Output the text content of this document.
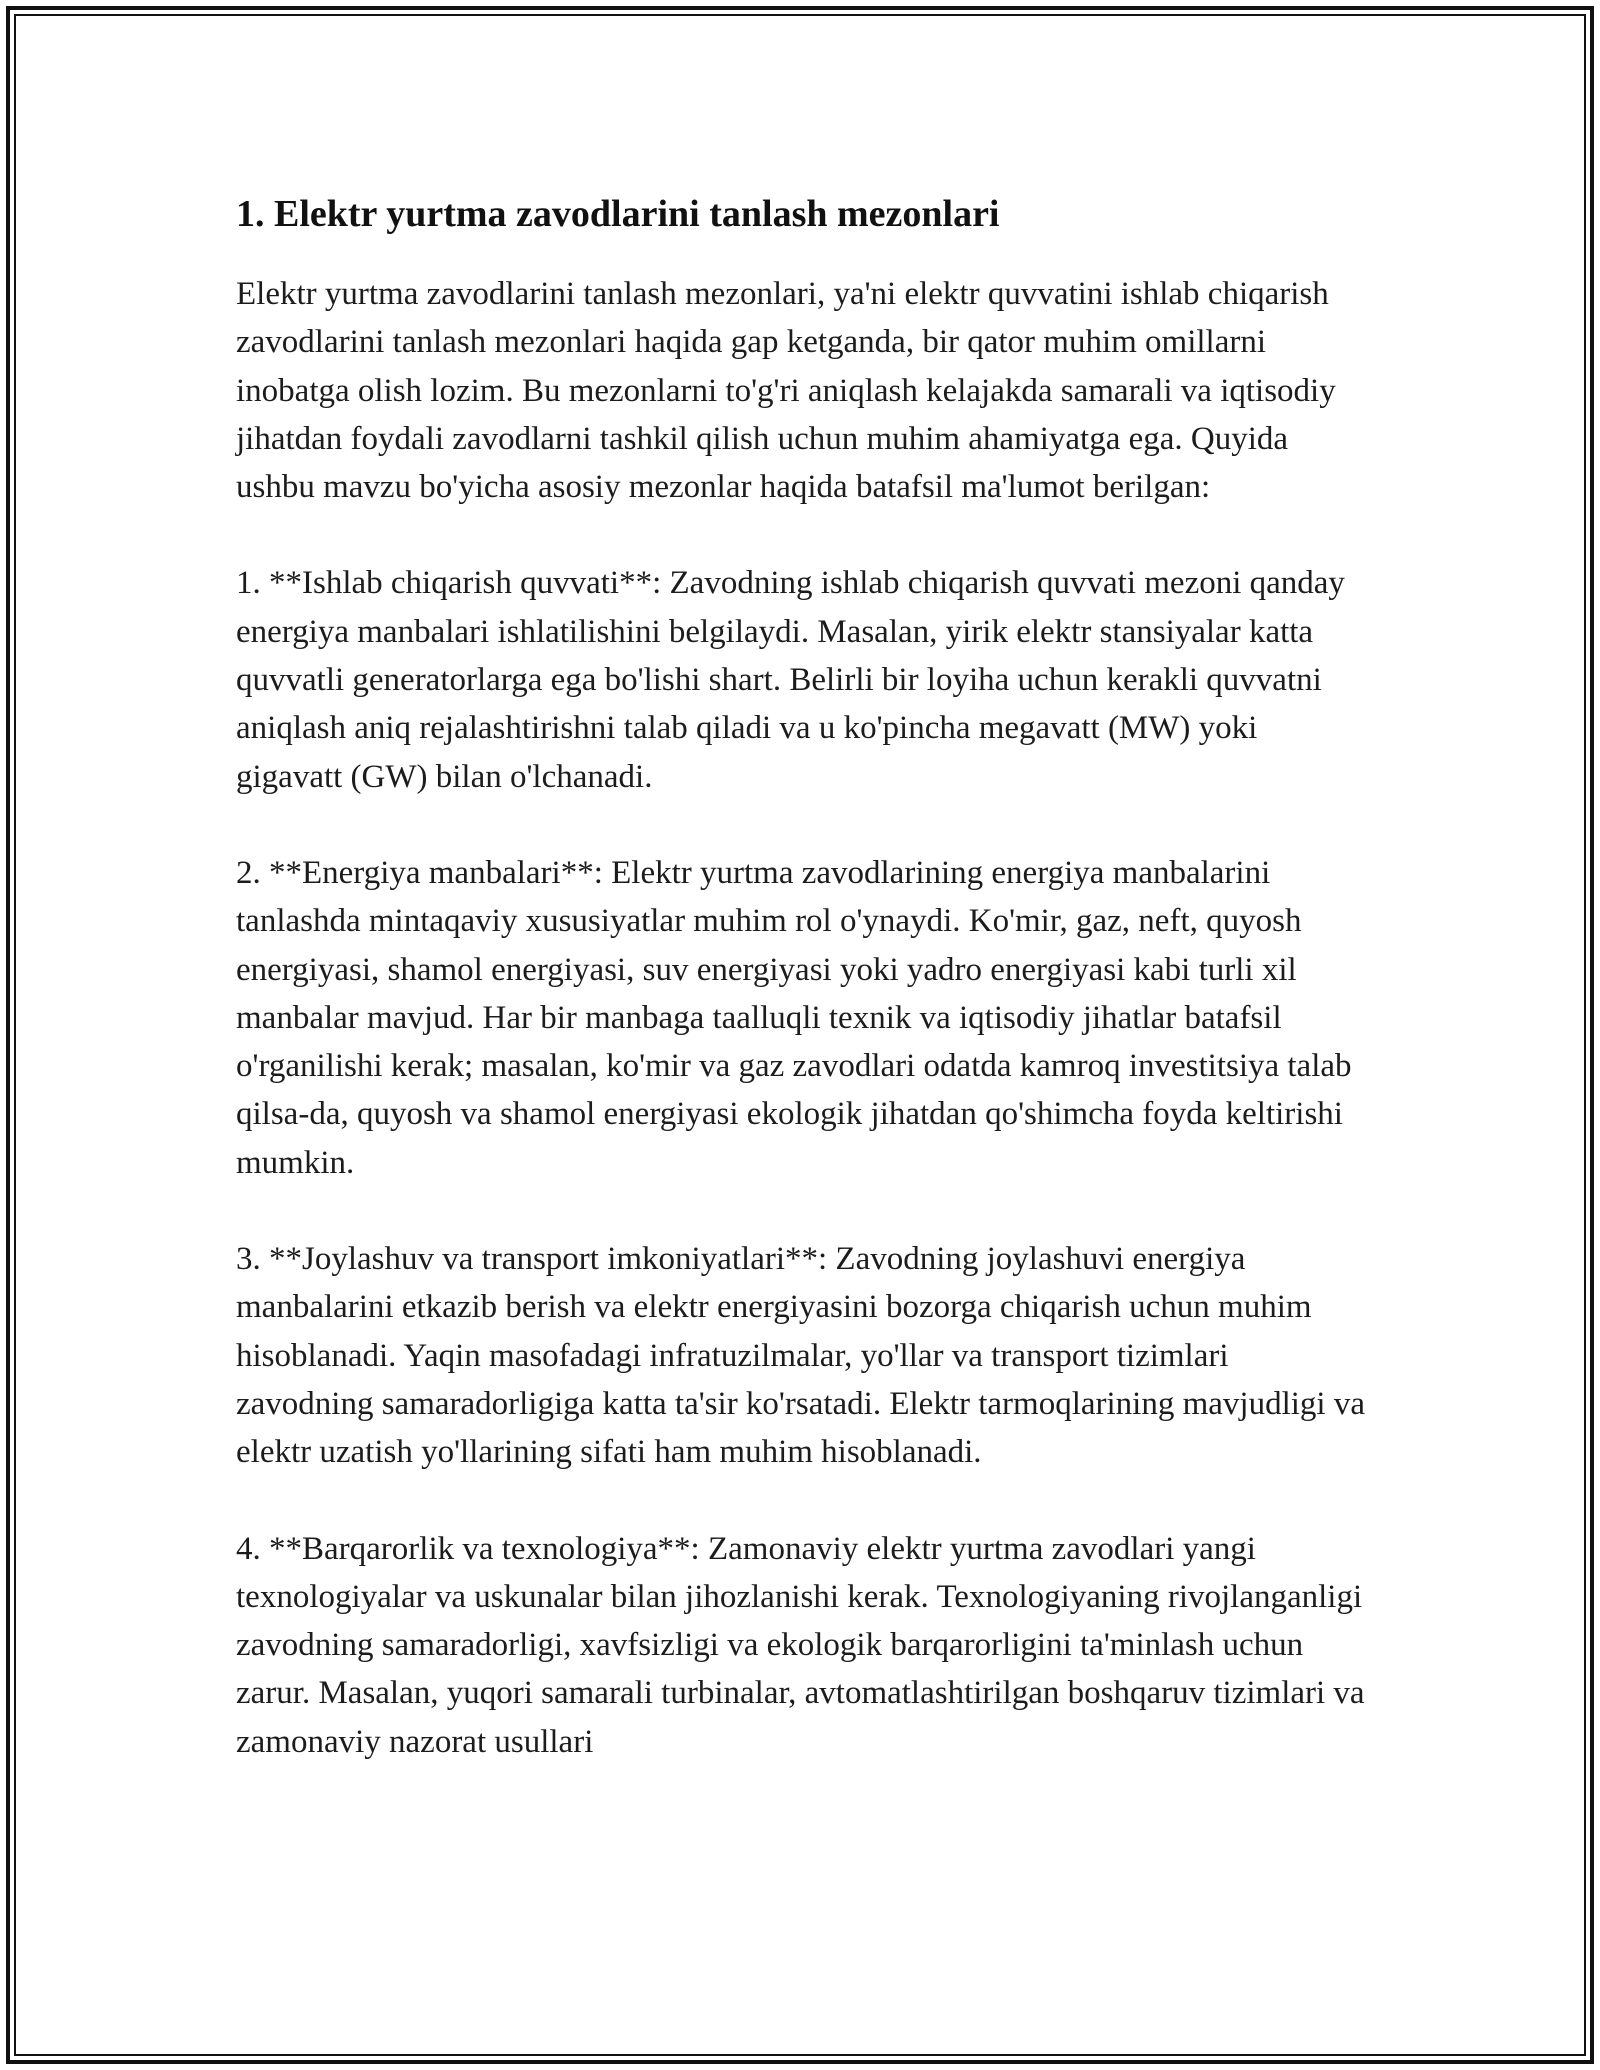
1. Elektr yurtma zavodlarini tanlash mezonlari

Elektr yurtma zavodlarini tanlash mezonlari, ya'ni elektr quvvatini ishlab chiqarish zavodlarini tanlash mezonlari haqida gap ketganda, bir qator muhim omillarni inobatga olish lozim. Bu mezonlarni to'g'ri aniqlash kelajakda samarali va iqtisodiy jihatdan foydali zavodlarni tashkil qilish uchun muhim ahamiyatga ega. Quyida ushbu mavzu bo'yicha asosiy mezonlar haqida batafsil ma'lumot berilgan:

1. **Ishlab chiqarish quvvati**: Zavodning ishlab chiqarish quvvati mezoni qanday energiya manbalari ishlatilishini belgilaydi. Masalan, yirik elektr stansiyalar katta quvvatli generatorlarga ega bo'lishi shart. Belirli bir loyiha uchun kerakli quvvatni aniqlash aniq rejalashtirishni talab qiladi va u ko'pincha megavatt (MW) yoki gigavatt (GW) bilan o'lchanadi.

2. **Energiya manbalari**: Elektr yurtma zavodlarining energiya manbalarini tanlashda mintaqaviy xususiyatlar muhim rol o'ynaydi. Ko'mir, gaz, neft, quyosh energiyasi, shamol energiyasi, suv energiyasi yoki yadro energiyasi kabi turli xil manbalar mavjud. Har bir manbaga taalluqli texnik va iqtisodiy jihatlar batafsil o'rganilishi kerak; masalan, ko'mir va gaz zavodlari odatda kamroq investitsiya talab qilsa-da, quyosh va shamol energiyasi ekologik jihatdan qo'shimcha foyda keltirishi mumkin.

3. **Joylashuv va transport imkoniyatlari**: Zavodning joylashuvi energiya manbalarini etkazib berish va elektr energiyasini bozorga chiqarish uchun muhim hisoblanadi. Yaqin masofadagi infratuzilmalar, yo'llar va transport tizimlari zavodning samaradorligiga katta ta'sir ko'rsatadi. Elektr tarmoqlarining mavjudligi va elektr uzatish yo'llarining sifati ham muhim hisoblanadi.

4. **Barqarorlik va texnologiya**: Zamonaviy elektr yurtma zavodlari yangi texnologiyalar va uskunalar bilan jihozlanishi kerak. Texnologiyaning rivojlanganligi zavodning samaradorligi, xavfsizligi va ekologik barqarorligini ta'minlash uchun zarur. Masalan, yuqori samarali turbinalar, avtomatlashtirilgan boshqaruv tizimlari va zamonaviy nazorat usullari
